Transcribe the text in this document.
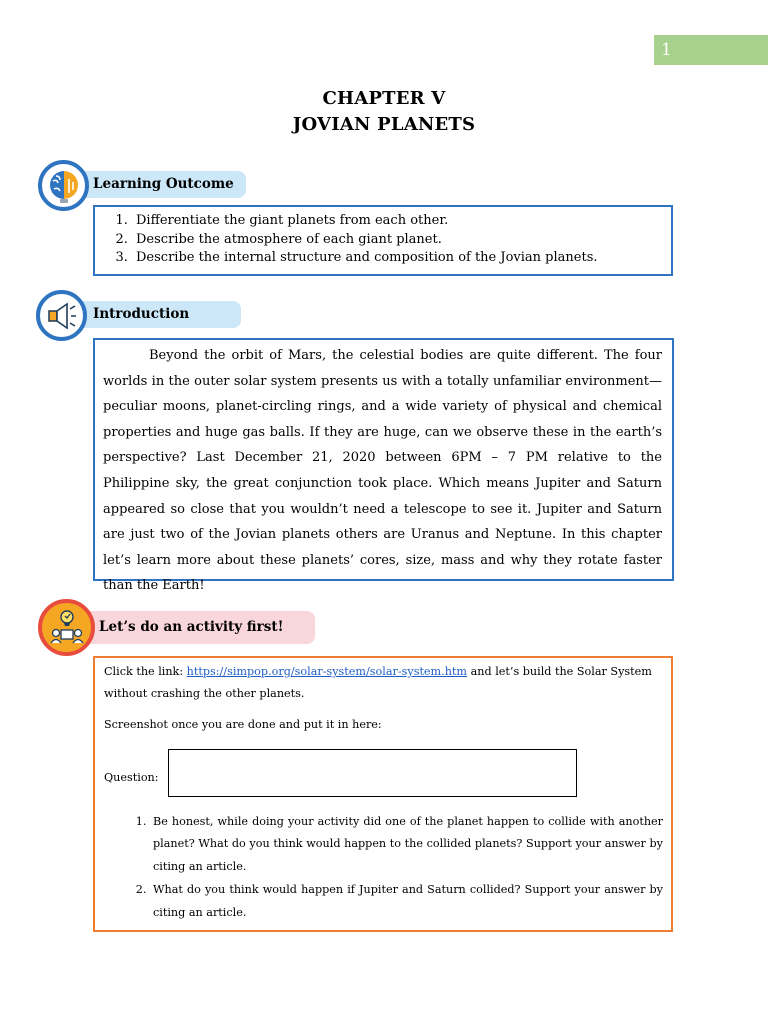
1
CHAPTER V
JOVIAN PLANETS
Learning Outcome
1. Differentiate the giant planets from each other.
2. Describe the atmosphere of each giant planet.
3. Describe the internal structure and composition of the Jovian planets.
Introduction

Beyond the orbit of Mars, the celestial bodies are quite different. The four worlds in the outer solar system presents us with a totally unfamiliar environment—peculiar moons, planet-circling rings, and a wide variety of physical and chemical properties and huge gas balls. If they are huge, can we observe these in the earth’s perspective? Last December 21, 2020 between 6PM – 7 PM relative to the Philippine sky, the great conjunction took place. Which means Jupiter and Saturn appeared so close that you wouldn’t need a telescope to see it. Jupiter and Saturn are just two of the Jovian planets others are Uranus and Neptune. In this chapter let’s learn more about these planets’ cores, size, mass and why they rotate faster than the Earth!

Let’s do an activity first!

Click the link: https://simpop.org/solar-system/solar-system.htm and let’s build the Solar System without crashing the other planets.

Screenshot once you are done and put it in here:

Question:
1. Be honest, while doing your activity did one of the planet happen to collide with another planet? What do you think would happen to the collided planets? Support your answer by citing an article.
2. What do you think would happen if Jupiter and Saturn collided? Support your answer by citing an article.
